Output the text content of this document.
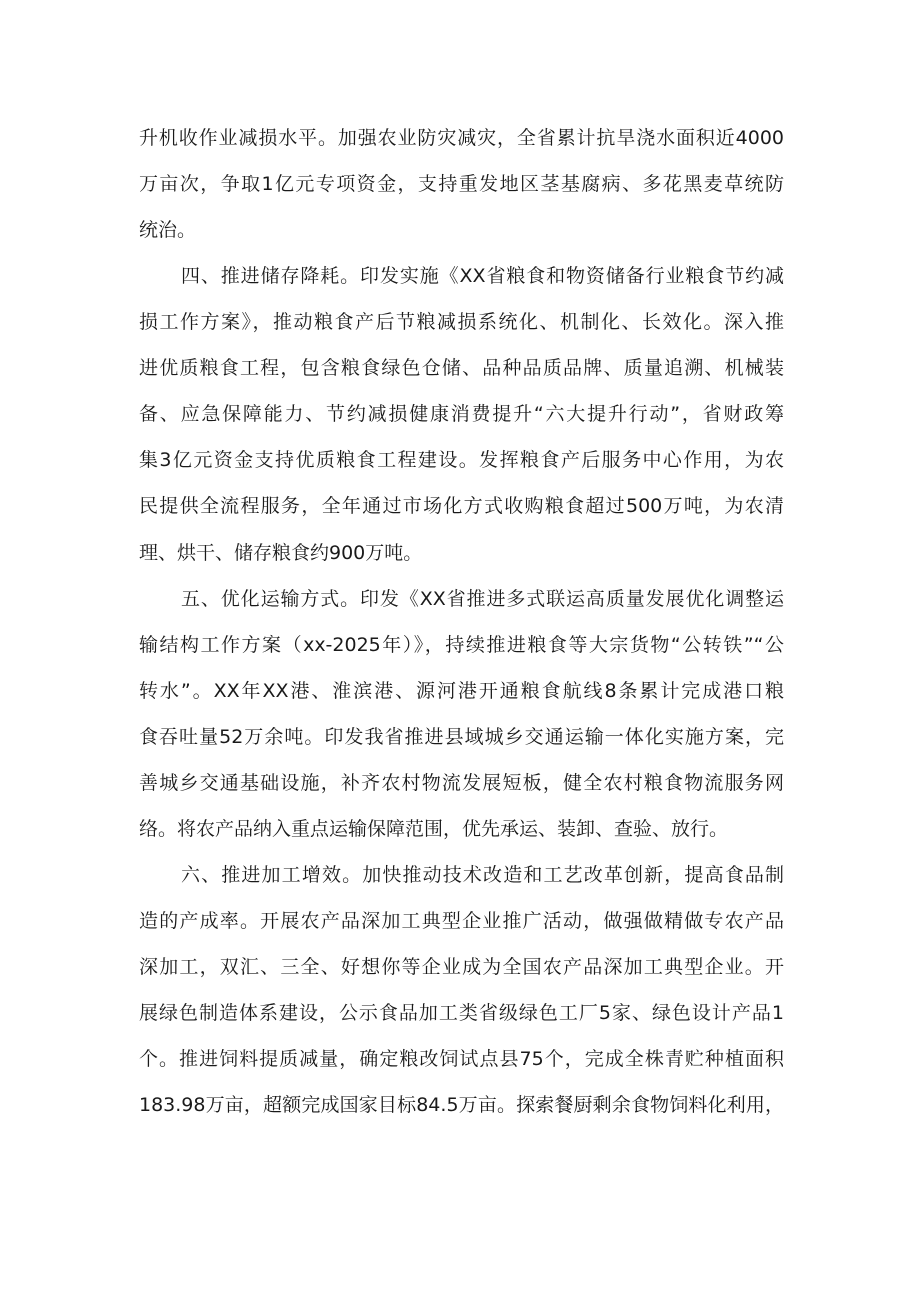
升机收作业减损水平。加强农业防灾减灾，全省累计抗旱浇水面积近4000
万亩次，争取1亿元专项资金，支持重发地区茎基腐病、多花黑麦草统防
统治。
四、推进储存降耗。印发实施《XX省粮食和物资储备行业粮食节约减
损工作方案》，推动粮食产后节粮减损系统化、机制化、长效化。深入推
进优质粮食工程，包含粮食绿色仓储、品种品质品牌、质量追溯、机械装
备、应急保障能力、节约减损健康消费提升“六大提升行动”，省财政筹
集3亿元资金支持优质粮食工程建设。发挥粮食产后服务中心作用，为农
民提供全流程服务，全年通过市场化方式收购粮食超过500万吨，为农清
理、烘干、储存粮食约900万吨。
五、优化运输方式。印发《XX省推进多式联运高质量发展优化调整运
输结构工作方案（xx-2025年）》，持续推进粮食等大宗货物“公转铁”“公
转水”。XX年XX港、淮滨港、源河港开通粮食航线8条累计完成港口粮
食吞吐量52万余吨。印发我省推进县域城乡交通运输一体化实施方案，完
善城乡交通基础设施，补齐农村物流发展短板，健全农村粮食物流服务网
络。将农产品纳入重点运输保障范围，优先承运、装卸、查验、放行。
六、推进加工增效。加快推动技术改造和工艺改革创新，提高食品制
造的产成率。开展农产品深加工典型企业推广活动，做强做精做专农产品
深加工，双汇、三全、好想你等企业成为全国农产品深加工典型企业。开
展绿色制造体系建设，公示食品加工类省级绿色工厂5家、绿色设计产品1
个。推进饲料提质减量，确定粮改饲试点县75个，完成全株青贮种植面积
183.98万亩，超额完成国家目标84.5万亩。探索餐厨剩余食物饲料化利用，
